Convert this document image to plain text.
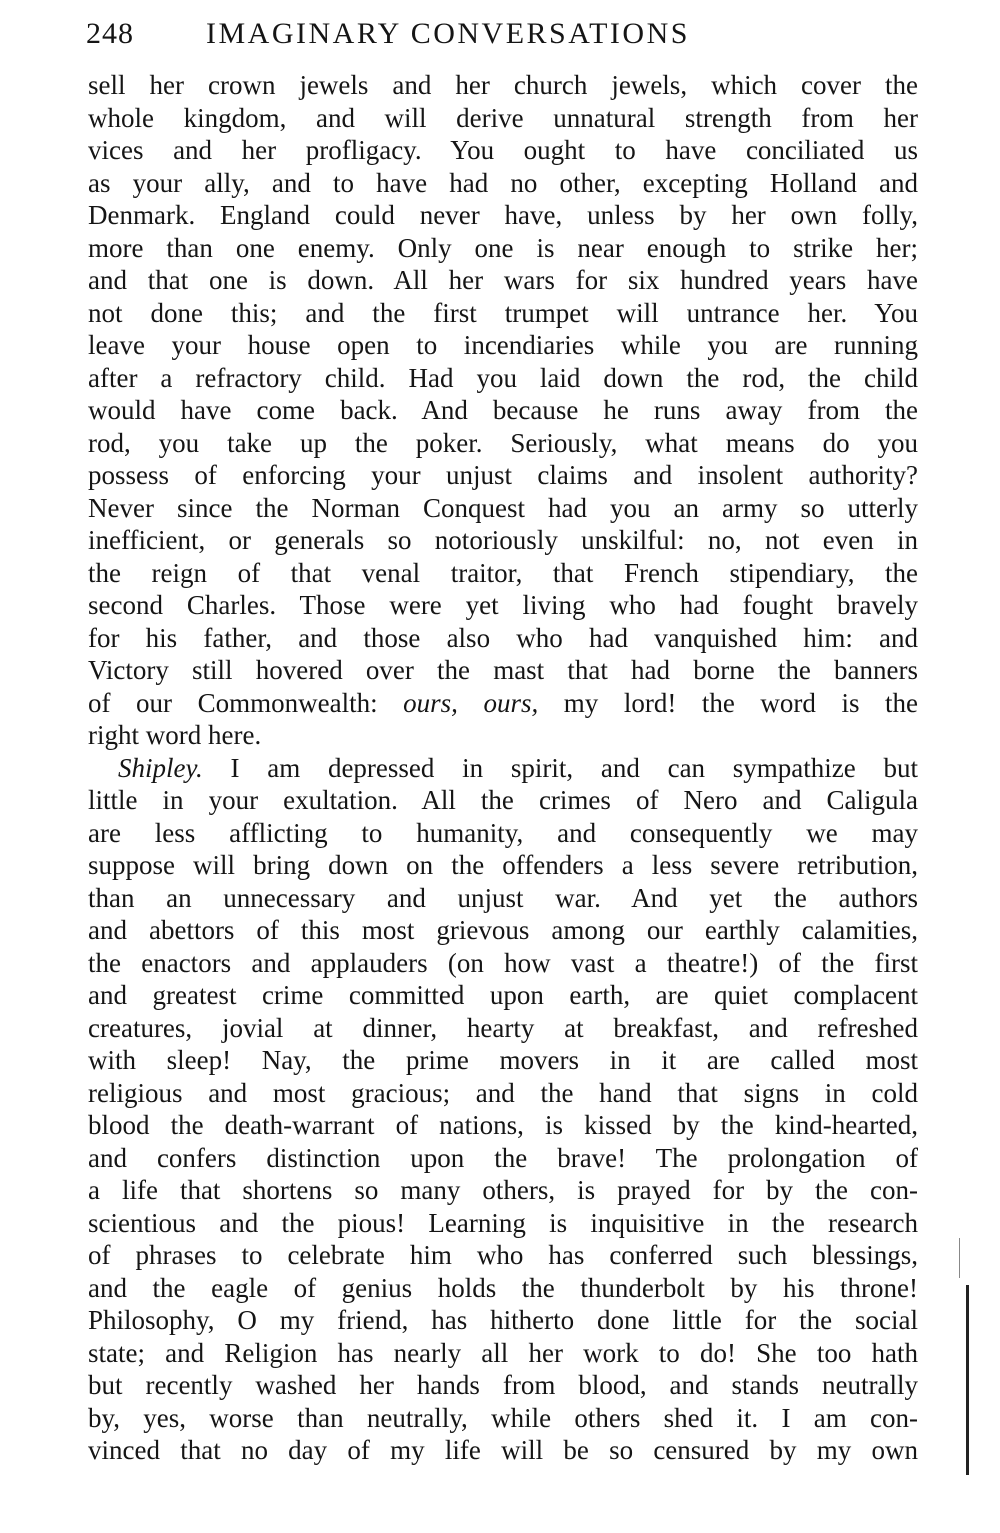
248 IMAGINARY CONVERSATIONS
sell her crown jewels and her church jewels, which cover the
whole kingdom, and will derive unnatural strength from her
vices and her profligacy. You ought to have conciliated us
as your ally, and to have had no other, excepting Holland and
Denmark. England could never have, unless by her own folly,
more than one enemy. Only one is near enough to strike her;
and that one is down. All her wars for six hundred years have
not done this; and the first trumpet will untrance her. You
leave your house open to incendiaries while you are running
after a refractory child. Had you laid down the rod, the child
would have come back. And because he runs away from the
rod, you take up the poker. Seriously, what means do you
possess of enforcing your unjust claims and insolent authority?
Never since the Norman Conquest had you an army so utterly
inefficient, or generals so notoriously unskilful: no, not even in
the reign of that venal traitor, that French stipendiary, the
second Charles. Those were yet living who had fought bravely
for his father, and those also who had vanquished him: and
Victory still hovered over the mast that had borne the banners
of our Commonwealth: ours, ours, my lord! the word is the
right word here.
Shipley. I am depressed in spirit, and can sympathize but
little in your exultation. All the crimes of Nero and Caligula
are less afflicting to humanity, and consequently we may
suppose will bring down on the offenders a less severe retribution,
than an unnecessary and unjust war. And yet the authors
and abettors of this most grievous among our earthly calamities,
the enactors and applauders (on how vast a theatre!) of the first
and greatest crime committed upon earth, are quiet complacent
creatures, jovial at dinner, hearty at breakfast, and refreshed
with sleep! Nay, the prime movers in it are called most
religious and most gracious; and the hand that signs in cold
blood the death-warrant of nations, is kissed by the kind-hearted,
and confers distinction upon the brave! The prolongation of
a life that shortens so many others, is prayed for by the con-
scientious and the pious! Learning is inquisitive in the research
of phrases to celebrate him who has conferred such blessings,
and the eagle of genius holds the thunderbolt by his throne!
Philosophy, O my friend, has hitherto done little for the social
state; and Religion has nearly all her work to do! She too hath
but recently washed her hands from blood, and stands neutrally
by, yes, worse than neutrally, while others shed it. I am con-
vinced that no day of my life will be so censured by my own
